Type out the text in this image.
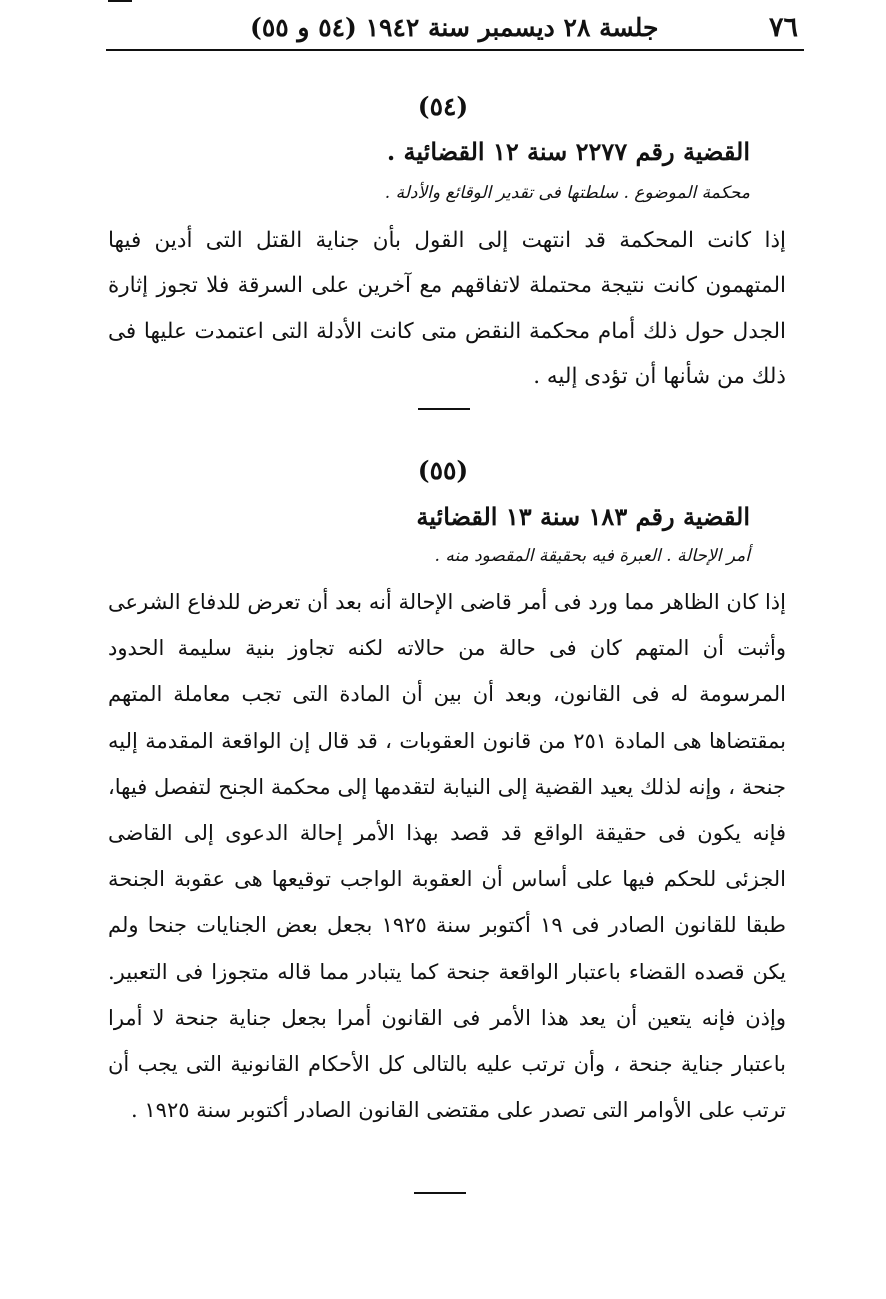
٧٦
جلسة ٢٨ ديسمبر سنة ١٩٤٢ (٥٤ و ٥٥)
(٥٤)
القضية رقم ٢٢٧٧ سنة ١٢ القضائية .
محكمة الموضوع . سلطتها فى تقدير الوقائع والأدلة .
إذا كانت المحكمة قد انتهت إلى القول بأن جناية القتل التى أدين فيها المتهمون كانت نتيجة محتملة لاتفاقهم مع آخرين على السرقة فلا تجوز إثارة الجدل حول ذلك أمام محكمة النقض متى كانت الأدلة التى اعتمدت عليها فى ذلك من شأنها أن تؤدى إليه .
(٥٥)
القضية رقم ١٨٣ سنة ١٣ القضائية
أمر الإحالة . العبرة فيه بحقيقة المقصود منه .
إذا كان الظاهر مما ورد فى أمر قاضى الإحالة أنه بعد أن تعرض للدفاع الشرعى وأثبت أن المتهم كان فى حالة من حالاته لكنه تجاوز بنية سليمة الحدود المرسومة له فى القانون، وبعد أن بين أن المادة التى تجب معاملة المتهم بمقتضاها هى المادة ٢٥١ من قانون العقوبات ، قد قال إن الواقعة المقدمة إليه جنحة ، وإنه لذلك يعيد القضية إلى النيابة لتقدمها إلى محكمة الجنح لتفصل فيها، فإنه يكون فى حقيقة الواقع قد قصد بهذا الأمر إحالة الدعوى إلى القاضى الجزئى للحكم فيها على أساس أن العقوبة الواجب توقيعها هى عقوبة الجنحة طبقا للقانون الصادر فى ١٩ أكتوبر سنة ١٩٢٥ بجعل بعض الجنايات جنحا ولم يكن قصده القضاء باعتبار الواقعة جنحة كما يتبادر مما قاله متجوزا فى التعبير. وإذن فإنه يتعين أن يعد هذا الأمر فى القانون أمرا بجعل جناية جنحة لا أمرا باعتبار جناية جنحة ، وأن ترتب عليه بالتالى كل الأحكام القانونية التى يجب أن ترتب على الأوامر التى تصدر على مقتضى القانون الصادر أكتوبر سنة ١٩٢٥ .
